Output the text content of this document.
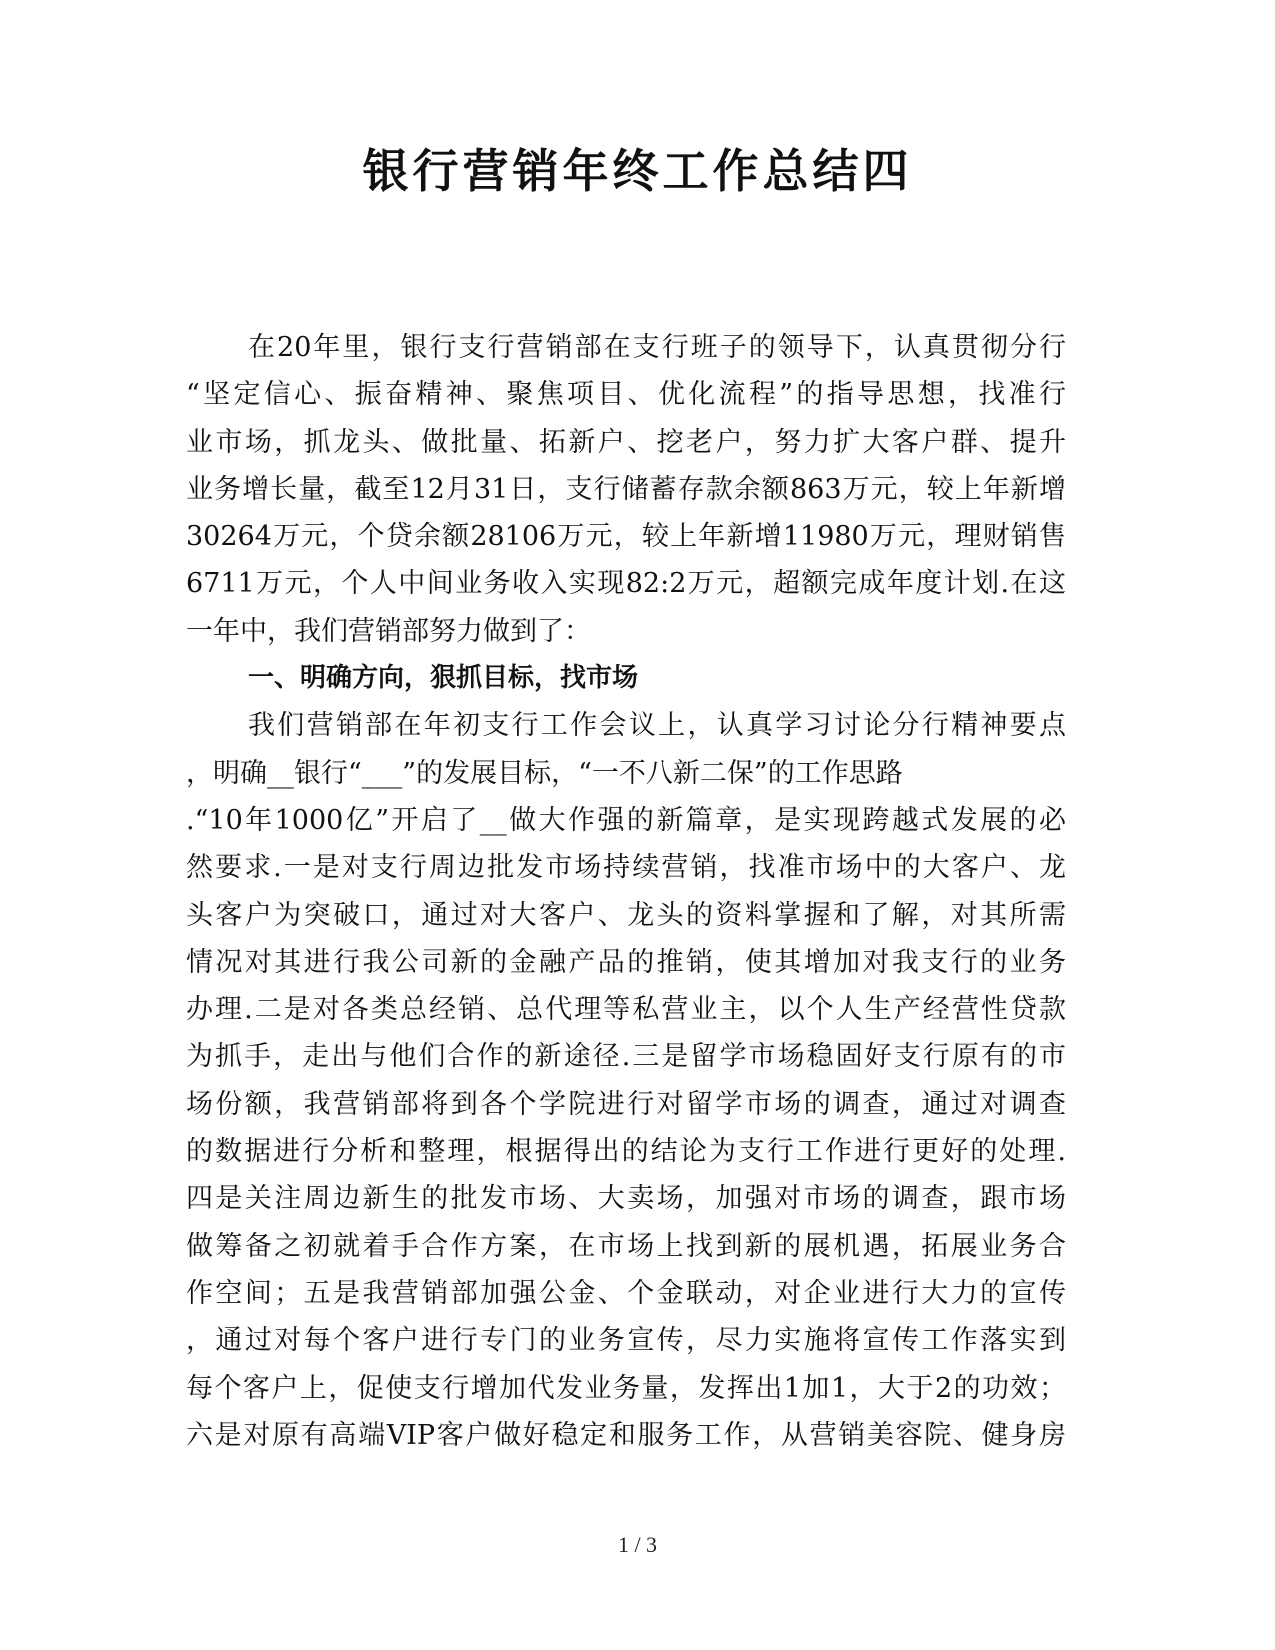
银行营销年终工作总结四
在20年里，银行支行营销部在支行班子的领导下，认真贯彻分行
“坚定信心、振奋精神、聚焦项目、优化流程”的指导思想，找准行
业市场，抓龙头、做批量、拓新户、挖老户，努力扩大客户群、提升
业务增长量，截至12月31日，支行储蓄存款余额863万元，较上年新增
30264万元，个贷余额28106万元，较上年新增11980万元，理财销售
6711万元，个人中间业务收入实现82:2万元，超额完成年度计划.在这
一年中，我们营销部努力做到了：
一、明确方向，狠抓目标，找市场
我们营销部在年初支行工作会议上，认真学习讨论分行精神要点
，明确__银行“___”的发展目标，“一不八新二保”的工作思路
.“10年1000亿”开启了__做大作强的新篇章，是实现跨越式发展的必
然要求.一是对支行周边批发市场持续营销，找准市场中的大客户、龙
头客户为突破口，通过对大客户、龙头的资料掌握和了解，对其所需
情况对其进行我公司新的金融产品的推销，使其增加对我支行的业务
办理.二是对各类总经销、总代理等私营业主，以个人生产经营性贷款
为抓手，走出与他们合作的新途径.三是留学市场稳固好支行原有的市
场份额，我营销部将到各个学院进行对留学市场的调查，通过对调查
的数据进行分析和整理，根据得出的结论为支行工作进行更好的处理.
四是关注周边新生的批发市场、大卖场，加强对市场的调查，跟市场
做筹备之初就着手合作方案，在市场上找到新的展机遇，拓展业务合
作空间；五是我营销部加强公金、个金联动，对企业进行大力的宣传
，通过对每个客户进行专门的业务宣传，尽力实施将宣传工作落实到
每个客户上，促使支行增加代发业务量，发挥出1加1，大于2的功效；
六是对原有高端VIP客户做好稳定和服务工作，从营销美容院、健身房
1 / 3
